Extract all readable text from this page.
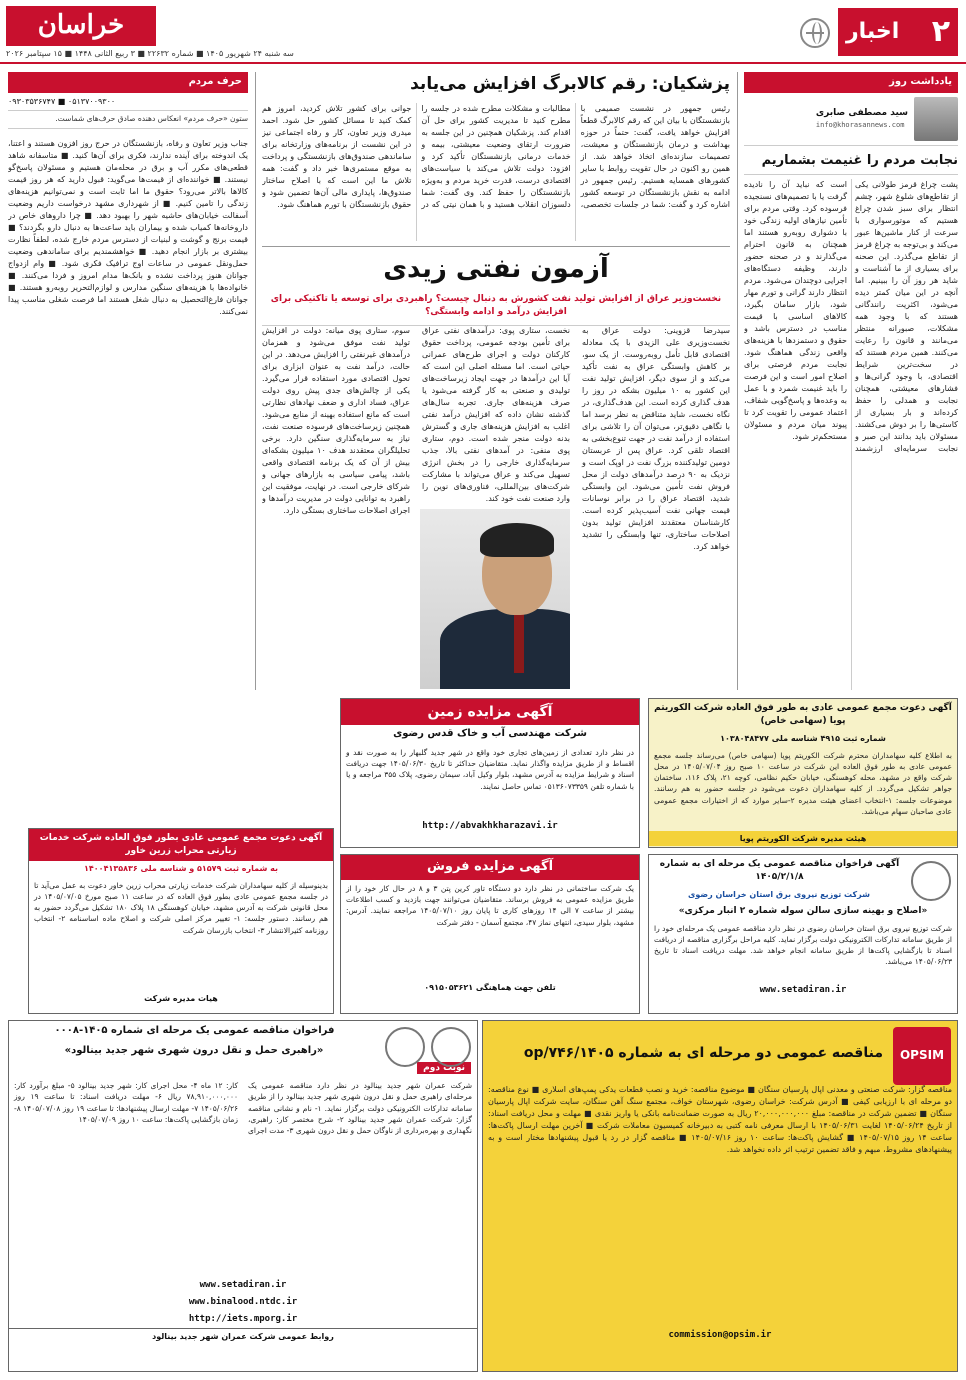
۲
اخبار
خراسان
سه شنبه ۲۴ شهریور ۱۴۰۵ ■ شماره ۲۲۶۳۲ ■ ۳ ربیع الثانی ۱۴۴۸ ■ ۱۵ سپتامبر ۲۰۲۶
یادداشت روز
سید مصطفی صابری
info@khorasannews.com
نجابت مردم را غنیمت بشماریم
پشت چراغ قرمز طولانی یکی از تقاطع‌های شلوغ شهر، چشم انتظار برای سبز شدن چراغ هستیم که موتورسواری با سرعت از کنار ماشین‌ها عبور می‌کند و بی‌توجه به چراغ قرمز از تقاطع می‌گذرد. این صحنه برای بسیاری از ما آشناست و شاید هر روز آن را ببینیم. اما آنچه در این میان کمتر دیده می‌شود، اکثریت رانندگانی هستند که با وجود همه مشکلات، صبورانه منتظر می‌مانند و قانون را رعایت می‌کنند. همین مردم هستند که در سخت‌ترین شرایط اقتصادی، با وجود گرانی‌ها و فشارهای معیشتی، همچنان نجابت و همدلی را حفظ کرده‌اند و بار بسیاری از کاستی‌ها را بر دوش می‌کشند. مسئولان باید بدانند این صبر و نجابت سرمایه‌ای ارزشمند است که نباید آن را نادیده گرفت یا با تصمیم‌های نسنجیده فرسوده کرد. وقتی مردم برای تأمین نیازهای اولیه زندگی خود با دشواری روبه‌رو هستند اما همچنان به قانون احترام می‌گذارند و در صحنه حضور دارند، وظیفه دستگاه‌های اجرایی دوچندان می‌شود. مردم انتظار دارند گرانی و تورم مهار شود، بازار سامان بگیرد، کالاهای اساسی با قیمت مناسب در دسترس باشد و حقوق و دستمزدها با هزینه‌های واقعی زندگی هماهنگ شود. نجابت مردم فرصتی برای اصلاح امور است و این فرصت را باید غنیمت شمرد و با عمل به وعده‌ها و پاسخ‌گویی شفاف، اعتماد عمومی را تقویت کرد تا پیوند میان مردم و مسئولان مستحکم‌تر شود.
پزشکیان: رقم کالابرگ افزایش می‌یابد
رئیس جمهور در نشست صمیمی با بازنشستگان با بیان این که رقم کالابرگ قطعاً افزایش خواهد یافت، گفت: حتماً در حوزه بهداشت و درمان بازنشستگان و معیشت، تصمیمات سازنده‌ای اتخاذ خواهد شد. از همین رو اکنون در حال تقویت روابط با سایر کشورهای همسایه هستیم. رئیس جمهور در ادامه به نقش بازنشستگان در توسعه کشور اشاره کرد و گفت: شما در جلسات تخصصی، مطالبات و مشکلات مطرح شده در جلسه را مطرح کنید تا مدیریت کشور برای حل آن اقدام کند. پزشکیان همچنین در این جلسه به ضرورت ارتقای وضعیت معیشتی، بیمه و خدمات درمانی بازنشستگان تأکید کرد و افزود: دولت تلاش می‌کند با سیاست‌های اقتصادی درست، قدرت خرید مردم و به‌ویژه بازنشستگان را حفظ کند. وی گفت: شما دلسوزان انقلاب هستید و با همان نیتی که در جوانی برای کشور تلاش کردید، امروز هم کمک کنید تا مسائل کشور حل شود. احمد میدری وزیر تعاون، کار و رفاه اجتماعی نیز در این نشست از برنامه‌های وزارتخانه برای ساماندهی صندوق‌های بازنشستگی و پرداخت به موقع مستمری‌ها خبر داد و گفت: همه تلاش ما این است که با اصلاح ساختار صندوق‌ها، پایداری مالی آن‌ها تضمین شود و حقوق بازنشستگان با تورم هماهنگ شود.
آزمون نفتی زیدی
نخست‌وزیر عراق از افزایش تولید نفت کشورش به دنبال چیست؟ راهبردی برای توسعه یا تاکتیکی برای افزایش درآمد و ادامه وابستگی؟
سیدرضا قزوینی: دولت عراق به نخست‌وزیری علی الزیدی با یک معادله اقتصادی قابل تأمل روبه‌روست. از یک سو، بر کاهش وابستگی عراق به نفت تأکید می‌کند و از سوی دیگر، افزایش تولید نفت این کشور به ۱۰ میلیون بشکه در روز را هدف گذاری کرده است. این هدف‌گذاری، در نگاه نخست، شاید متناقض به نظر برسد اما با نگاهی دقیق‌تر، می‌توان آن را تلاشی برای استفاده از درآمد نفت در جهت تنوع‌بخشی به اقتصاد تلقی کرد. عراق پس از عربستان دومین تولیدکننده بزرگ نفت در اوپک است و نزدیک به ۹۰ درصد درآمدهای دولت از محل فروش نفت تأمین می‌شود. این وابستگی شدید، اقتصاد عراق را در برابر نوسانات قیمت جهانی نفت آسیب‌پذیر کرده است. کارشناسان معتقدند افزایش تولید بدون اصلاحات ساختاری، تنها وابستگی را تشدید خواهد کرد.
نخست، ستاری پوی: درآمدهای نفتی عراق برای تأمین بودجه عمومی، پرداخت حقوق کارکنان دولت و اجرای طرح‌های عمرانی حیاتی است. اما مسئله اصلی این است که آیا این درآمدها در جهت ایجاد زیرساخت‌های تولیدی و صنعتی به کار گرفته می‌شود یا صرف هزینه‌های جاری. تجربه سال‌های گذشته نشان داده که افزایش درآمد نفتی اغلب به افزایش هزینه‌های جاری و گسترش بدنه دولت منجر شده است. دوم، ستاری پوی منفی: در آمدهای نفتی بالا، جذب سرمایه‌گذاری خارجی را در بخش انرژی تسهیل می‌کند و عراق می‌تواند با مشارکت شرکت‌های بین‌المللی، فناوری‌های نوین را وارد صنعت نفت خود کند.
سوم، ستاری پوی میانه: دولت در افزایش تولید نفت موفق می‌شود و همزمان درآمدهای غیرنفتی را افزایش می‌دهد. در این حالت، درآمد نفت به عنوان ابزاری برای تحول اقتصادی مورد استفاده قرار می‌گیرد. یکی از چالش‌های جدی پیش روی دولت عراق، فساد اداری و ضعف نهادهای نظارتی است که مانع استفاده بهینه از منابع می‌شود. همچنین زیرساخت‌های فرسوده صنعت نفت، نیاز به سرمایه‌گذاری سنگین دارد. برخی تحلیلگران معتقدند هدف ۱۰ میلیون بشکه‌ای بیش از آن که یک برنامه اقتصادی واقعی باشد، پیامی سیاسی به بازارهای جهانی و شرکای خارجی است. در نهایت، موفقیت این راهبرد به توانایی دولت در مدیریت درآمدها و اجرای اصلاحات ساختاری بستگی دارد.
حرف مردم
۰۹۳۰۳۵۳۶۷۴۷ ■ ۰۵۱۳۷۰۰۹۳۰۰
ستون «حرف مردم» انعکاس دهنده صادق حرف‌های شماست.
جناب وزیر تعاون و رفاه، بازنشستگان در حرج روز افزون هستند و اعتنا، یک اندوخته برای آینده ندارند، فکری برای آن‌ها کنید. ■ متاسفانه شاهد قطعی‌های مکرر آب و برق در محله‌مان هستیم و مسئولان پاسخ‌گو نیستند. ■ خواننده‌ای از قیمت‌ها می‌گوید: قبول دارید که هر روز قیمت کالاها بالاتر می‌رود؟ حقوق ما اما ثابت است و نمی‌توانیم هزینه‌های زندگی را تامین کنیم. ■ از شهرداری مشهد درخواست داریم وضعیت آسفالت خیابان‌های حاشیه شهر را بهبود دهد. ■ چرا داروهای خاص در داروخانه‌ها کمیاب شده و بیماران باید ساعت‌ها به دنبال دارو بگردند؟ ■ قیمت برنج و گوشت و لبنیات از دسترس مردم خارج شده، لطفاً نظارت بیشتری بر بازار انجام دهید. ■ خواهشمندیم برای ساماندهی وضعیت حمل‌ونقل عمومی در ساعات اوج ترافیک فکری شود. ■ وام ازدواج جوانان هنوز پرداخت نشده و بانک‌ها مدام امروز و فردا می‌کنند. ■ خانواده‌ها با هزینه‌های سنگین مدارس و لوازم‌التحریر روبه‌رو هستند. ■ جوانان فارغ‌التحصیل به دنبال شغل هستند اما فرصت شغلی مناسب پیدا نمی‌کنند.
آگهی دعوت مجمع عمومی عادی به طور فوق العاده شرکت الکوریتم پویا (سهامی خاص)
شماره ثبت ۴۹۱۵ شناسه ملی ۱۰۳۸۰۴۸۴۷۷
به اطلاع کلیه سهامداران محترم شرکت الکوریتم پویا (سهامی خاص) می‌رساند جلسه مجمع عمومی عادی به طور فوق العاده این شرکت در ساعت ۱۰ صبح روز ۱۴۰۵/۰۷/۰۴ در محل شرکت واقع در مشهد، محله کوهسنگی، خیابان حکیم نظامی، کوچه ۲۱، پلاک ۱۱۶، ساختمان جواهر تشکیل می‌گردد. از کلیه سهامداران دعوت می‌شود در جلسه حضور به هم رسانند. موضوعات جلسه: ۱-انتخاب اعضای هیئت مدیره ۲-سایر موارد که از اختیارات مجمع عمومی عادی صاحبان سهام می‌باشد.
هیئت مدیره شرکت الکوریتم پویا
آگهی مزایده زمین
شرکت مهندسی آب و خاک قدس رضوی
در نظر دارد تعدادی از زمین‌های تجاری خود واقع در شهر جدید گلبهار را به صورت نقد و اقساط و از طریق مزایده واگذار نماید. متقاضیان حداکثر تا تاریخ ۱۴۰۵/۰۶/۳۰ جهت دریافت اسناد و شرایط مزایده به آدرس مشهد، بلوار وکیل آباد، سیمان رضوی، پلاک ۳۵۵ مراجعه و یا با شماره تلفن ۰۵۱۳۶۰۷۳۳۵۹ تماس حاصل نمایند.
http://abvakhkharazavi.ir
آگهی دعوت مجمع عمومی عادی بطور فوق العاده شرکت خدمات زیارتی محراب زرین خاور
به شماره ثبت ۵۱۵۷۹ و شناسه ملی ۱۴۰۰۴۱۳۵۸۳۶
بدینوسیله از کلیه سهامداران شرکت خدمات زیارتی محراب زرین خاور دعوت به عمل می‌آید تا در جلسه مجمع عمومی عادی بطور فوق العاده که در ساعت ۱۱ صبح مورخ ۱۴۰۵/۰۷/۰۵ در محل قانونی شرکت به آدرس مشهد، خیابان کوهسنگی ۱۸ پلاک ۱۸۰ تشکیل می‌گردد حضور به هم رسانند. دستور جلسه: ۱- تغییر مرکز اصلی شرکت و اصلاح ماده اساسنامه ۲- انتخاب روزنامه کثیرالانتشار ۳- انتخاب بازرسان شرکت
هیات مدیره شرکت
آگهی فراخوان مناقصه عمومی یک مرحله ای به شماره ۱۴۰۵/۲/۱/۸
شرکت توزیع نیروی برق استان خراسان رضوی
«اصلاح و بهینه سازی سالن سوله شماره ۲ انبار مرکزی»
شرکت توزیع نیروی برق استان خراسان رضوی در نظر دارد مناقصه عمومی یک مرحله‌ای خود را از طریق سامانه تدارکات الکترونیکی دولت برگزار نماید. کلیه مراحل برگزاری مناقصه از دریافت اسناد تا بازگشایی پاکت‌ها از طریق سامانه انجام خواهد شد. مهلت دریافت اسناد تا تاریخ ۱۴۰۵/۰۶/۲۳ می‌باشد.
www.setadiran.ir
آگهی مزایده فروش
یک شرکت ساختمانی در نظر دارد دو دستگاه تاور کرین پتن ۳ و ۸ در حال کار خود را از طریق مزایده عمومی به فروش برساند. متقاضیان می‌توانند جهت بازدید و کسب اطلاعات بیشتر از ساعت ۷ الی ۱۴ روزهای کاری تا پایان روز ۱۴۰۵/۰۷/۱۰ مراجعه نمایند. آدرس: مشهد، بلوار سیدی، انتهای نماز ۴۷، مجتمع آسمان - دفتر شرکت
تلفن جهت هماهنگی ۰۹۱۵۰۵۳۶۲۱
OPSIM
مناقصه عمومی دو مرحله ای به شماره ۱۴۰۵/op/۷۴۶
مناقصه گزار: شرکت صنعتی و معدنی اپال پارسیان سنگان ■ موضوع مناقصه: خرید و نصب قطعات یدکی پمپ‌های اسلاری ■ نوع مناقصه: دو مرحله ای با ارزیابی کیفی ■ آدرس شرکت: خراسان رضوی، شهرستان خواف، مجتمع سنگ آهن سنگان، سایت شرکت اپال پارسیان سنگان ■ تضمین شرکت در مناقصه: مبلغ ۲۰,۰۰۰,۰۰۰,۰۰۰ ریال به صورت ضمانت‌نامه بانکی یا واریز نقدی ■ مهلت و محل دریافت اسناد: از تاریخ ۱۴۰۵/۰۶/۲۴ لغایت ۱۴۰۵/۰۶/۳۱ با ارسال معرفی نامه کتبی به دبیرخانه کمیسیون معاملات شرکت ■ آخرین مهلت ارسال پاکت‌ها: ساعت ۱۴ روز ۱۴۰۵/۰۷/۱۵ ■ گشایش پاکت‌ها: ساعت ۱۰ روز ۱۴۰۵/۰۷/۱۶ ■ مناقصه گزار در رد یا قبول پیشنهادها مختار است و به پیشنهادهای مشروط، مبهم و فاقد تضمین ترتیب اثر داده نخواهد شد.
commission@opsim.ir
فراخوان مناقصه عمومی یک مرحله ای شماره ۱۴۰۵-۰۰۰۸
«راهبری حمل و نقل درون شهری شهر جدید بینالود»
نوبت دوم
شرکت عمران شهر جدید بینالود در نظر دارد مناقصه عمومی یک مرحله‌ای راهبری حمل و نقل درون شهری شهر جدید بینالود را از طریق سامانه تدارکات الکترونیکی دولت برگزار نماید. ۱- نام و نشانی مناقصه گزار: شرکت عمران شهر جدید بینالود ۲- شرح مختصر کار: راهبری، نگهداری و بهره‌برداری از ناوگان حمل و نقل درون شهری ۳- مدت اجرای کار: ۱۲ ماه ۴- محل اجرای کار: شهر جدید بینالود ۵- مبلغ برآورد کار: ۷۸,۹۱۰,۰۰۰,۰۰۰ ریال ۶- مهلت دریافت اسناد: تا ساعت ۱۹ روز ۱۴۰۵/۰۶/۲۶ ۷- مهلت ارسال پیشنهادها: تا ساعت ۱۹ روز ۱۴۰۵/۰۷/۰۸ ۸- زمان بازگشایی پاکت‌ها: ساعت ۱۰ روز ۱۴۰۵/۰۷/۰۹
www.setadiran.ir
www.binalood.ntdc.ir
http://iets.mporg.ir
روابط عمومی شرکت عمران شهر جدید بینالود
